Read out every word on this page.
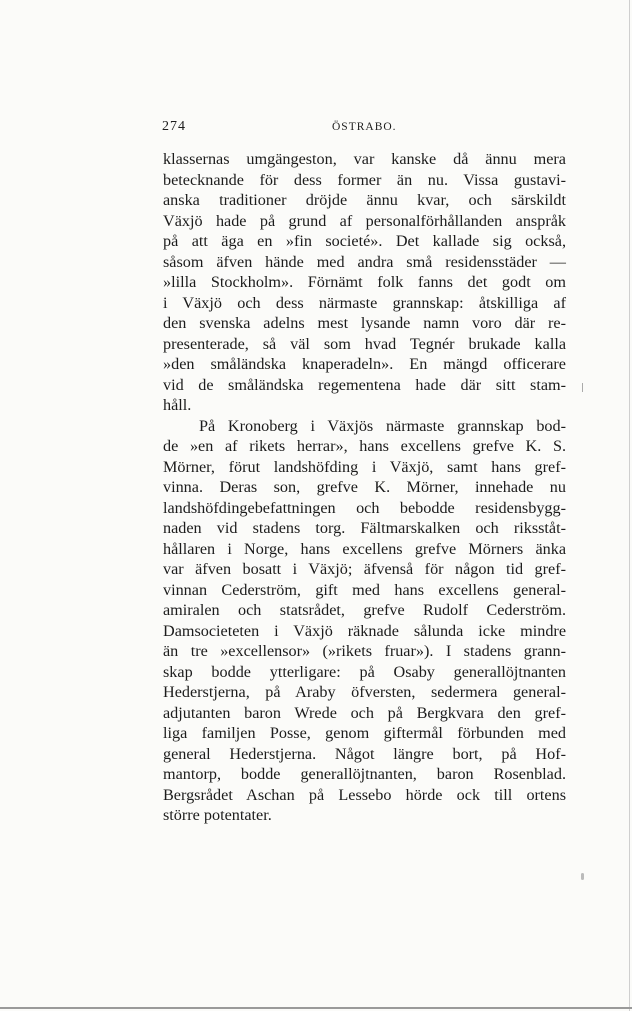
274	ÖSTRABO.
klassernas umgängeston, var kanske då ännu mera
betecknande för dess former än nu. Vissa gustavi-
anska traditioner dröjde ännu kvar, och särskildt
Växjö hade på grund af personalförhållanden anspråk
på att äga en »fin societé». Det kallade sig också,
såsom äfven hände med andra små residensstäder —
»lilla Stockholm». Förnämt folk fanns det godt om
i Växjö och dess närmaste grannskap: åtskilliga af
den svenska adelns mest lysande namn voro där re-
presenterade, så väl som hvad Tegnér brukade kalla
»den småländska knaperadeln». En mängd officerare
vid de småländska regementena hade där sitt stam-
håll.
På Kronoberg i Växjös närmaste grannskap bod-
de »en af rikets herrar», hans excellens grefve K. S.
Mörner, förut landshöfding i Växjö, samt hans gref-
vinna. Deras son, grefve K. Mörner, innehade nu
landshöfdingebefattningen och bebodde residensbygg-
naden vid stadens torg. Fältmarskalken och riksståt-
hållaren i Norge, hans excellens grefve Mörners änka
var äfven bosatt i Växjö; äfvenså för någon tid gref-
vinnan Cederström, gift med hans excellens general-
amiralen och statsrådet, grefve Rudolf Cederström.
Damsocieteten i Växjö räknade sålunda icke mindre
än tre »excellensor» (»rikets fruar»). I stadens grann-
skap bodde ytterligare: på Osaby generallöjtnanten
Hederstjerna, på Araby öfversten, sedermera general-
adjutanten baron Wrede och på Bergkvara den gref-
liga familjen Posse, genom giftermål förbunden med
general Hederstjerna. Något längre bort, på Hof-
mantorp, bodde generallöjtnanten, baron Rosenblad.
Bergsrådet Aschan på Lessebo hörde ock till ortens
större potentater.
